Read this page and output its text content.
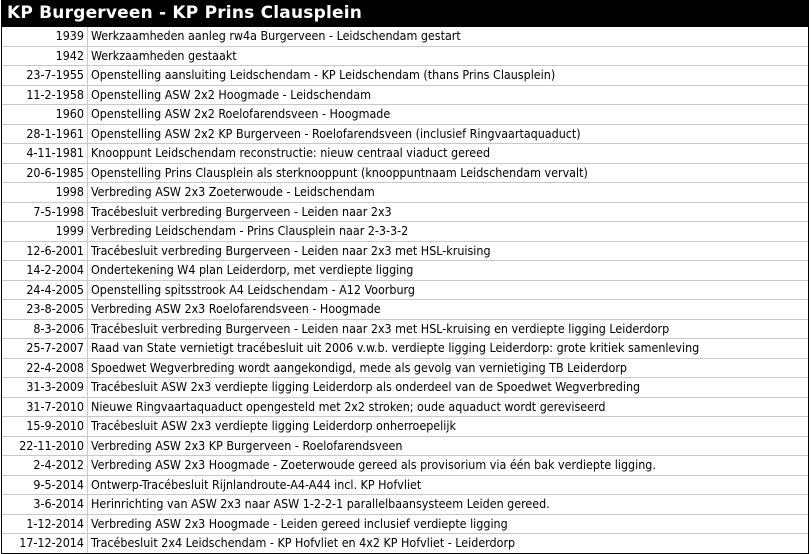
KP Burgerveen - KP Prins Clausplein
1939	Werkzaamheden aanleg rw4a Burgerveen - Leidschendam gestart
1942	Werkzaamheden gestaakt
23-7-1955	Openstelling aansluiting Leidschendam - KP Leidschendam (thans Prins Clausplein)
11-2-1958	Openstelling ASW 2x2 Hoogmade - Leidschendam
1960	Openstelling ASW 2x2 Roelofarendsveen - Hoogmade
28-1-1961	Openstelling ASW 2x2 KP Burgerveen - Roelofarendsveen (inclusief Ringvaartaquaduct)
4-11-1981	Knooppunt Leidschendam reconstructie: nieuw centraal viaduct gereed
20-6-1985	Openstelling Prins Clausplein als sterknooppunt (knooppuntnaam Leidschendam vervalt)
1998	Verbreding ASW 2x3 Zoeterwoude - Leidschendam
7-5-1998	Tracébesluit verbreding Burgerveen - Leiden naar 2x3
1999	Verbreding Leidschendam - Prins Clausplein naar 2-3-3-2
12-6-2001	Tracébesluit verbreding Burgerveen - Leiden naar 2x3 met HSL-kruising
14-2-2004	Ondertekening W4 plan Leiderdorp, met verdiepte ligging
24-4-2005	Openstelling spitsstrook A4 Leidschendam - A12 Voorburg
23-8-2005	Verbreding ASW 2x3 Roelofarendsveen - Hoogmade
8-3-2006	Tracébesluit verbreding Burgerveen - Leiden naar 2x3 met HSL-kruising en verdiepte ligging Leiderdorp
25-7-2007	Raad van State vernietigt tracébesluit uit 2006 v.w.b. verdiepte ligging Leiderdorp: grote kritiek samenleving
22-4-2008	Spoedwet Wegverbreding wordt aangekondigd, mede als gevolg van vernietiging TB Leiderdorp
31-3-2009	Tracébesluit ASW 2x3 verdiepte ligging Leiderdorp als onderdeel van de Spoedwet Wegverbreding
31-7-2010	Nieuwe Ringvaartaquaduct opengesteld met 2x2 stroken; oude aquaduct wordt gereviseerd
15-9-2010	Tracébesluit ASW 2x3 verdiepte ligging Leiderdorp onherroepelijk
22-11-2010	Verbreding ASW 2x3 KP Burgerveen - Roelofarendsveen
2-4-2012	Verbreding ASW 2x3 Hoogmade - Zoeterwoude gereed als provisorium via één bak verdiepte ligging.
9-5-2014	Ontwerp-Tracébesluit Rijnlandroute-A4-A44 incl. KP Hofvliet
3-6-2014	Herinrichting van ASW 2x3 naar ASW 1-2-2-1 parallelbaansysteem Leiden gereed.
1-12-2014	Verbreding ASW 2x3 Hoogmade - Leiden gereed inclusief verdiepte ligging
17-12-2014	Tracébesluit 2x4 Leidschendam - KP Hofvliet en 4x2 KP Hofvliet - Leiderdorp
